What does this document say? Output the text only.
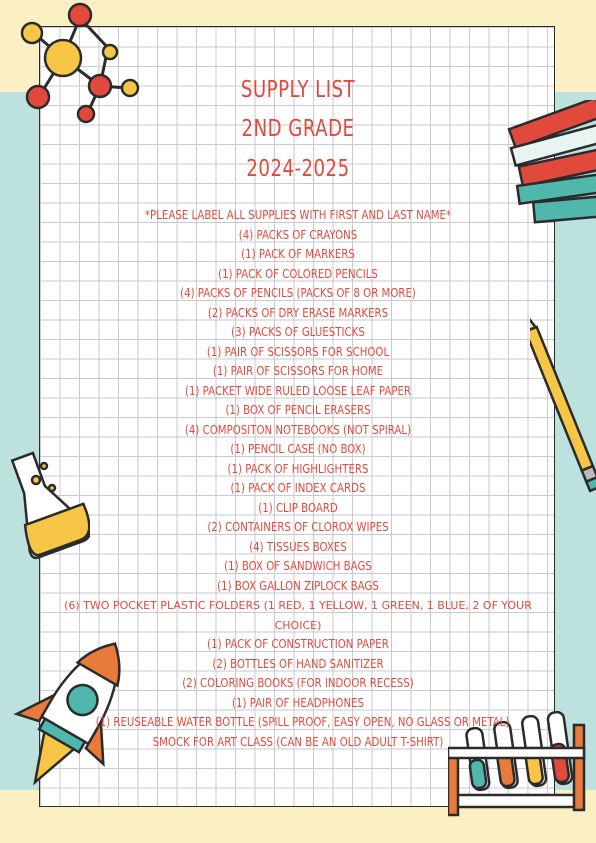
SUPPLY LIST
2ND GRADE
2024-2025
*PLEASE LABEL ALL SUPPLIES WITH FIRST AND LAST NAME*
(4) PACKS OF CRAYONS
(1) PACK OF MARKERS
(1) PACK OF COLORED PENCILS
(4) PACKS OF PENCILS (PACKS OF 8 OR MORE)
(2) PACKS OF DRY ERASE MARKERS
(3) PACKS OF GLUESTICKS
(1) PAIR OF SCISSORS FOR SCHOOL
(1) PAIR OF SCISSORS FOR HOME
(1) PACKET WIDE RULED LOOSE LEAF PAPER
(1) BOX OF PENCIL ERASERS
(4) COMPOSITON NOTEBOOKS (NOT SPIRAL)
(1) PENCIL CASE (NO BOX)
(1) PACK OF HIGHLIGHTERS
(1) PACK OF INDEX CARDS
(1) CLIP BOARD
(2) CONTAINERS OF CLOROX WIPES
(4) TISSUES BOXES
(1) BOX OF SANDWICH BAGS
(1) BOX GALLON ZIPLOCK BAGS
(6) TWO POCKET PLASTIC FOLDERS (1 RED, 1 YELLOW, 1 GREEN, 1 BLUE, 2 OF YOUR CHOICE)
(1) PACK OF CONSTRUCTION PAPER
(2) BOTTLES OF HAND SANITIZER
(2) COLORING BOOKS (FOR INDOOR RECESS)
(1) PAIR OF HEADPHONES
(1) REUSEABLE WATER BOTTLE (SPILL PROOF, EASY OPEN, NO GLASS OR METAL)
SMOCK FOR ART CLASS (CAN BE AN OLD ADULT T-SHIRT)
